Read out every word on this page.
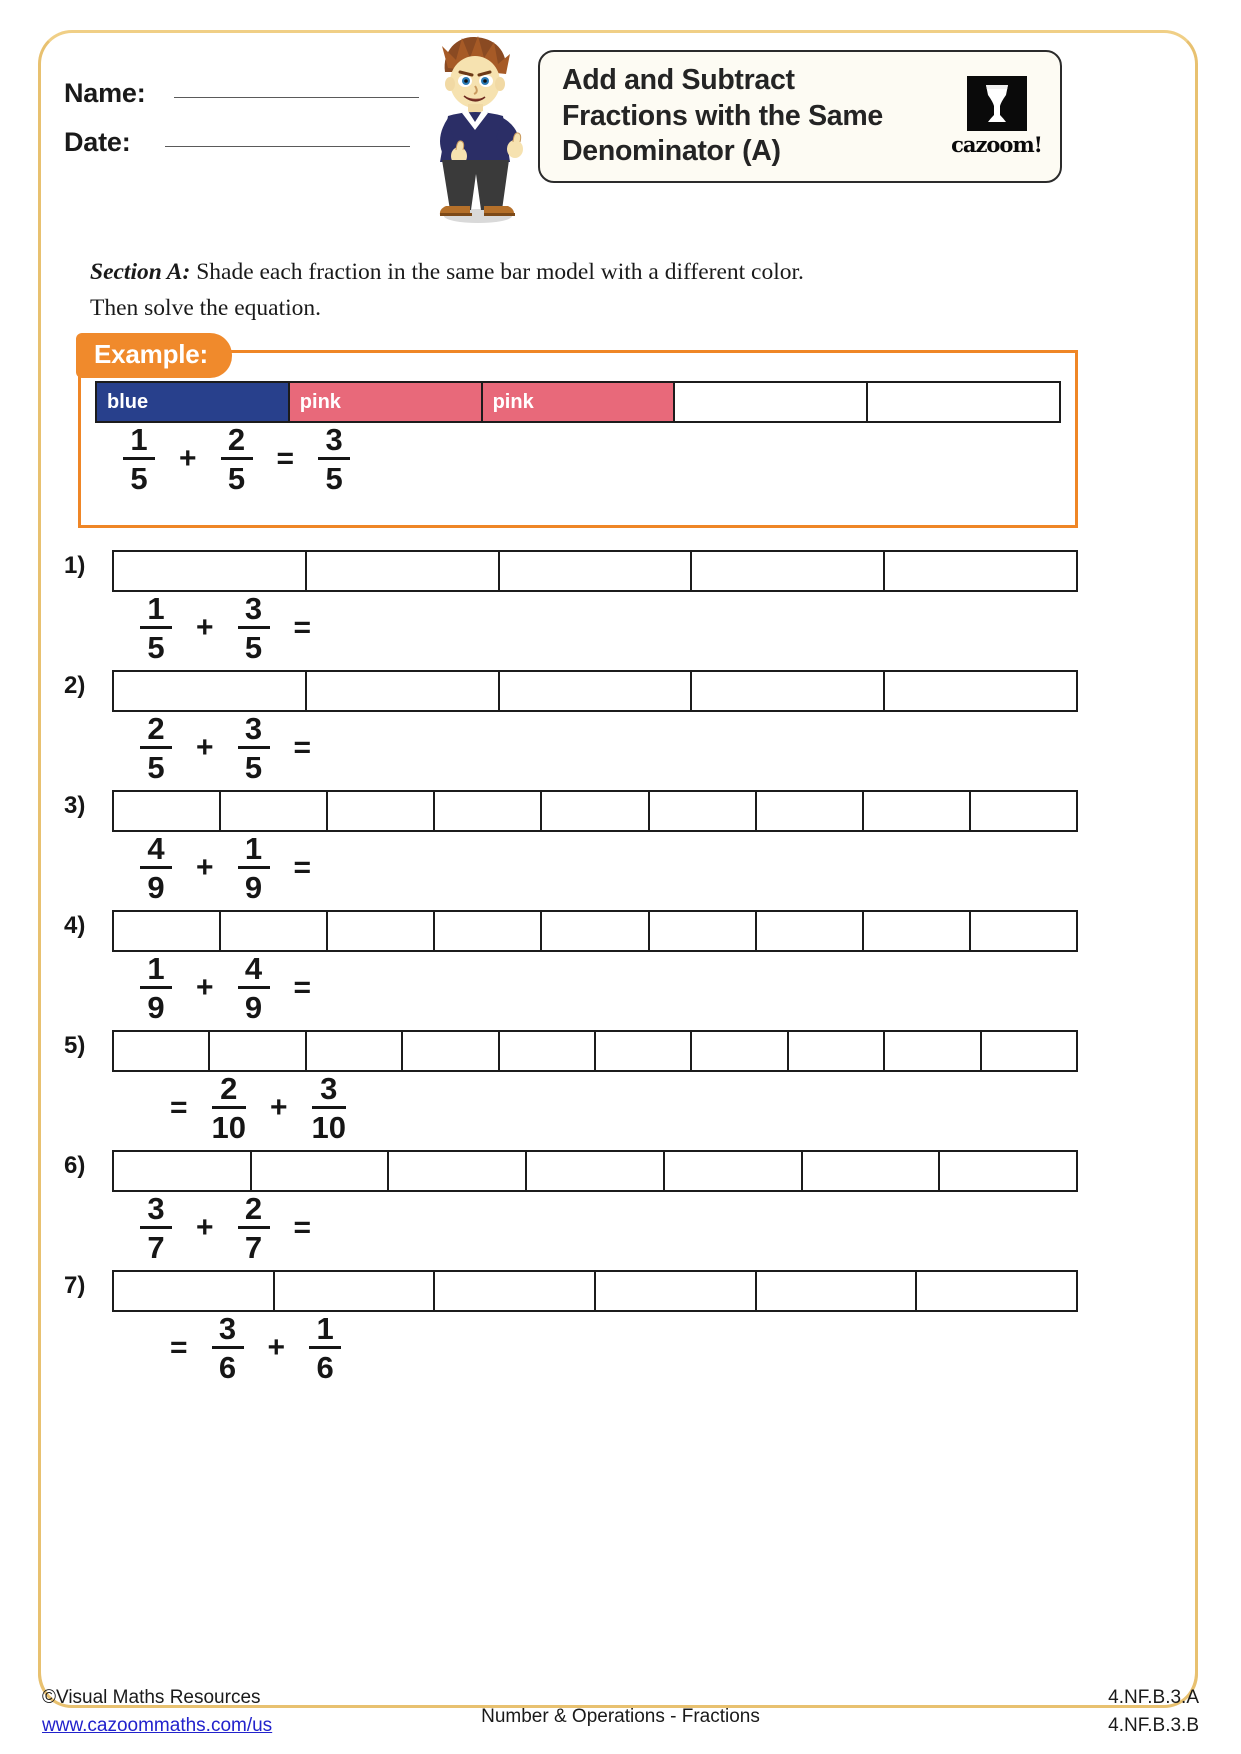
Name:
Date:
Add and Subtract Fractions with the Same Denominator (A)	cazoom!
Section A: Shade each fraction in the same bar model with a different color.
Then solve the equation.
Example:
blue	pink	pink
$\frac{1}{5} + \frac{2}{5} = \frac{3}{5}$
1)
$\frac{1}{5} + \frac{3}{5}$ =
2)
$\frac{2}{5} + \frac{3}{5}$ =
3)
$\frac{4}{9} + \frac{1}{9}$ =
4)
$\frac{1}{9} + \frac{4}{9}$ =
5)
= $\frac{2}{10} + \frac{3}{10}$
6)
$\frac{3}{7} + \frac{2}{7}$ =
7)
= $\frac{3}{6} + \frac{1}{6}$
©Visual Maths Resources
www.cazoommaths.com/us	Number & Operations - Fractions
4.NF.B.3.A
4.NF.B.3.B
